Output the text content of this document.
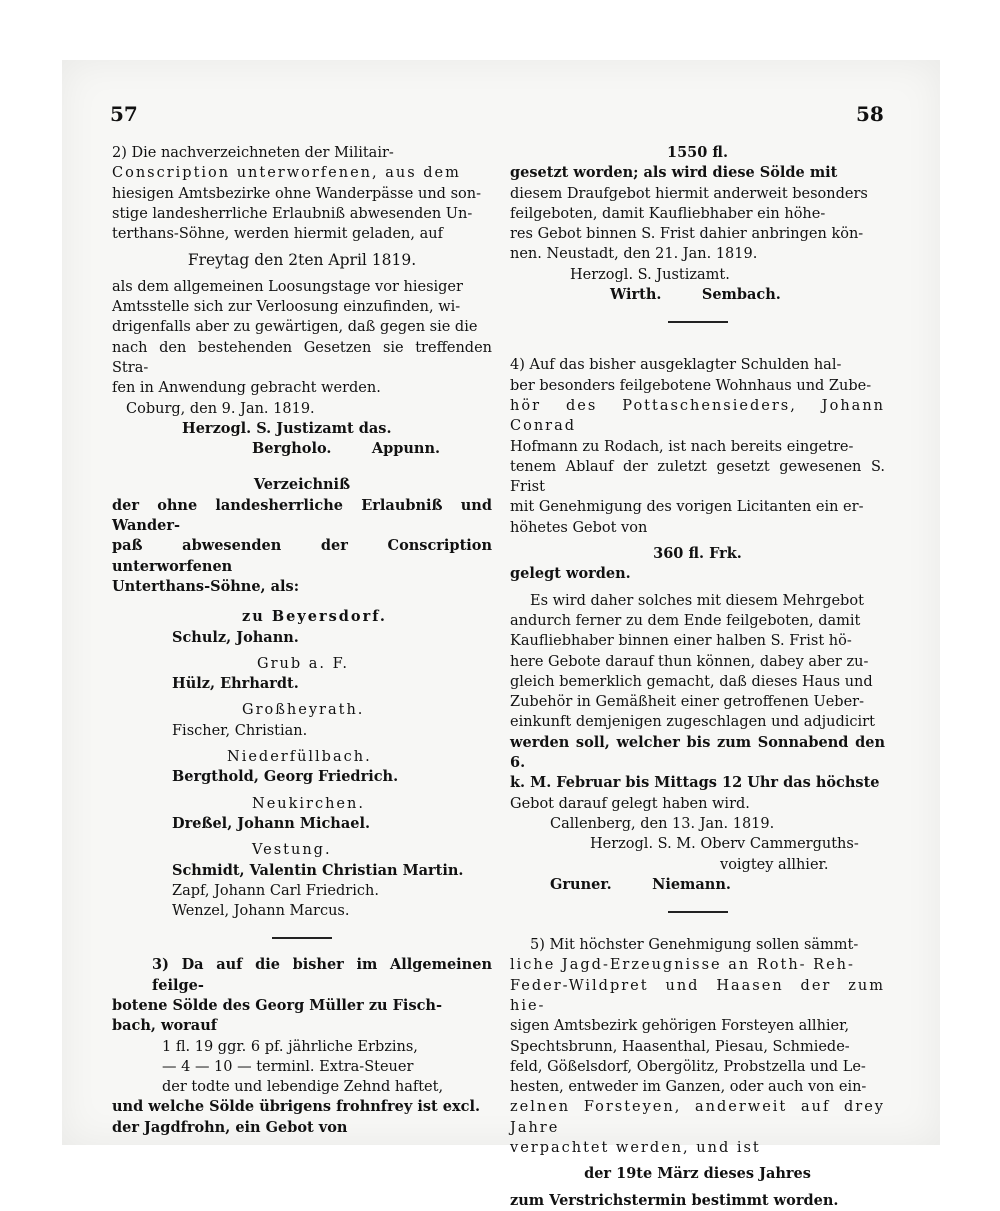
57	58

2) Die nachverzeichneten der Militair-

Conscription unterworfenen, aus dem

hiesigen Amtsbezirke ohne Wanderpässe und son-

stige landesherrliche Erlaubniß abwesenden Un-

terthans-Söhne, werden hiermit geladen, auf

Freytag den 2ten April 1819.

als dem allgemeinen Loosungstage vor hiesiger

Amtsstelle sich zur Verloosung einzufinden, wi-

drigenfalls aber zu gewärtigen, daß gegen sie die

nach den bestehenden Gesetzen sie treffenden Stra-

fen in Anwendung gebracht werden.

Coburg, den 9. Jan. 1819.

Herzogl. S. Justizamt das.

Bergholo.        Appunn.

Verzeichniß

der ohne landesherrliche Erlaubniß und Wander-

paß abwesenden der Conscription unterworfenen

Unterthans-Söhne, als:

zu Beyersdorf.

Schulz, Johann.

Grub a. F.

Hülz, Ehrhardt.

Großheyrath.

Fischer, Christian.

Niederfüllbach.

Bergthold, Georg Friedrich.

Neukirchen.

Dreßel, Johann Michael.

Vestung.

Schmidt, Valentin Christian Martin.

Zapf, Johann Carl Friedrich.

Wenzel, Johann Marcus.

3) Da auf die bisher im Allgemeinen feilge-

botene Sölde des Georg Müller zu Fisch-

bach, worauf

1 fl. 19 ggr. 6 pf. jährliche Erbzins,

— 4 — 10 — terminl. Extra-Steuer

der todte und lebendige Zehnd haftet,

und welche Sölde übrigens frohnfrey ist excl.

der Jagdfrohn, ein Gebot von

1550 fl.

gesetzt worden; als wird diese Sölde mit

diesem Draufgebot hiermit anderweit besonders

feilgeboten, damit Kaufliebhaber ein höhe-

res Gebot binnen S. Frist dahier anbringen kön-

nen. Neustadt, den 21. Jan. 1819.

Herzogl. S. Justizamt.

Wirth.        Sembach.

4) Auf das bisher ausgeklagter Schulden hal-

ber besonders feilgebotene Wohnhaus und Zube-

hör des Pottaschensieders, Johann Conrad

Hofmann zu Rodach, ist nach bereits eingetre-

tenem Ablauf der zuletzt gesetzt gewesenen S. Frist

mit Genehmigung des vorigen Licitanten ein er-

höhetes Gebot von

360 fl. Frk.

gelegt worden.

Es wird daher solches mit diesem Mehrgebot

andurch ferner zu dem Ende feilgeboten, damit

Kaufliebhaber binnen einer halben S. Frist hö-

here Gebote darauf thun können, dabey aber zu-

gleich bemerklich gemacht, daß dieses Haus und

Zubehör in Gemäßheit einer getroffenen Ueber-

einkunft demjenigen zugeschlagen und adjudicirt

werden soll, welcher bis zum Sonnabend den 6.

k. M. Februar bis Mittags 12 Uhr das höchste

Gebot darauf gelegt haben wird.

Callenberg, den 13. Jan. 1819.

Herzogl. S. M. Oberv Cammerguths-

voigtey allhier.

Gruner.        Niemann.

5) Mit höchster Genehmigung sollen sämmt-

liche Jagd-Erzeugnisse an Roth- Reh-

Feder-Wildpret und Haasen der zum hie-

sigen Amtsbezirk gehörigen Forsteyen allhier,

Spechtsbrunn, Haasenthal, Piesau, Schmiede-

feld, Gößelsdorf, Obergölitz, Probstzella und Le-

hesten, entweder im Ganzen, oder auch von ein-

zelnen Forsteyen, anderweit auf drey Jahre

verpachtet werden, und ist

der 19te März dieses Jahres

zum Verstrichstermin bestimmt worden.
